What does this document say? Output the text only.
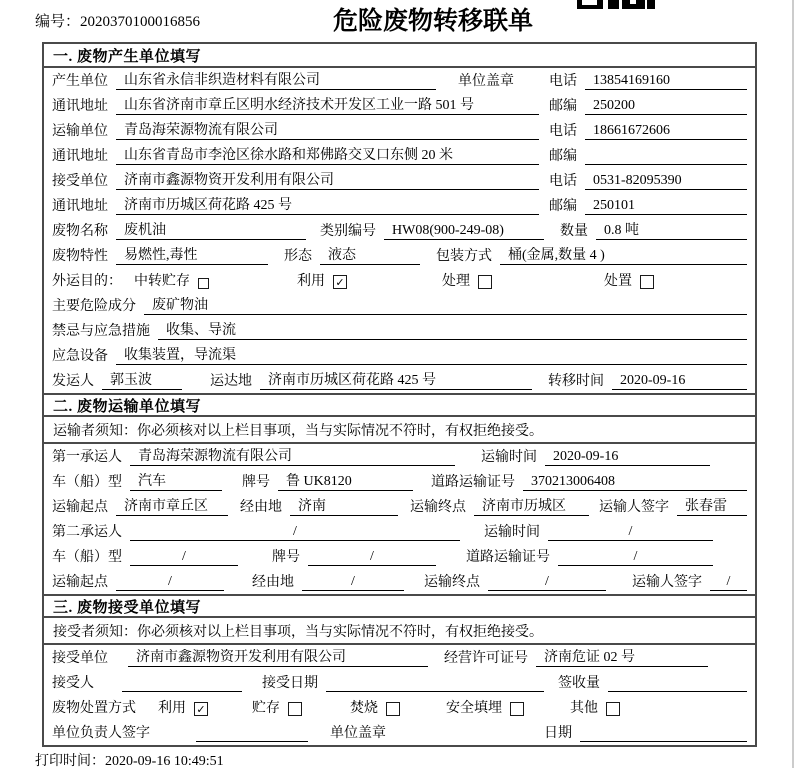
编号：2020370100016856	危险废物转移联单
一. 废物产生单位填写
产生单位	山东省永信非织造材料有限公司	单位盖章	电话	13854169160
通讯地址	山东省济南市章丘区明水经济技术开发区工业一路 501 号	邮编	250200
运输单位	青岛海荣源物流有限公司	电话	18661672606
通讯地址	山东省青岛市李沧区徐水路和郑佛路交叉口东侧 20 米	邮编
接受单位	济南市鑫源物资开发利用有限公司	电话	0531-82095390
通讯地址	济南市历城区荷花路 425 号	邮编	250101
废物名称	废机油	类别编号	HW08(900-249-08)	数量	0.8 吨
废物特性	易燃性,毒性	形态	液态	包装方式	桶(金属,数量 4 )
外运目的： 中转贮存	利用 ✓	处理	处置
主要危险成分	废矿物油
禁忌与应急措施	收集、导流
应急设备	收集装置，导流渠
发运人	郭玉波	运达地	济南市历城区荷花路 425 号	转移时间	2020-09-16
二. 废物运输单位填写
运输者须知：你必须核对以上栏目事项，当与实际情况不符时，有权拒绝接受。
第一承运人	青岛海荣源物流有限公司	运输时间	2020-09-16
车（船）型	汽车	牌号	鲁 UK8120	道路运输证号	370213006408
运输起点	济南市章丘区	经由地	济南	运输终点	济南市历城区	运输人签字	张春雷
第二承运人	/	运输时间	/
车（船）型	/	牌号	/	道路运输证号	/
运输起点	/	经由地	/	运输终点	/	运输人签字	/
三. 废物接受单位填写
接受者须知：你必须核对以上栏目事项，当与实际情况不符时，有权拒绝接受。
接受单位	济南市鑫源物资开发利用有限公司	经营许可证号	济南危证 02 号
接受人	接受日期	签收量
废物处置方式	利用 ✓	贮存	焚烧	安全填埋	其他
单位负责人签字	单位盖章	日期
打印时间：2020-09-16 10:49:51
